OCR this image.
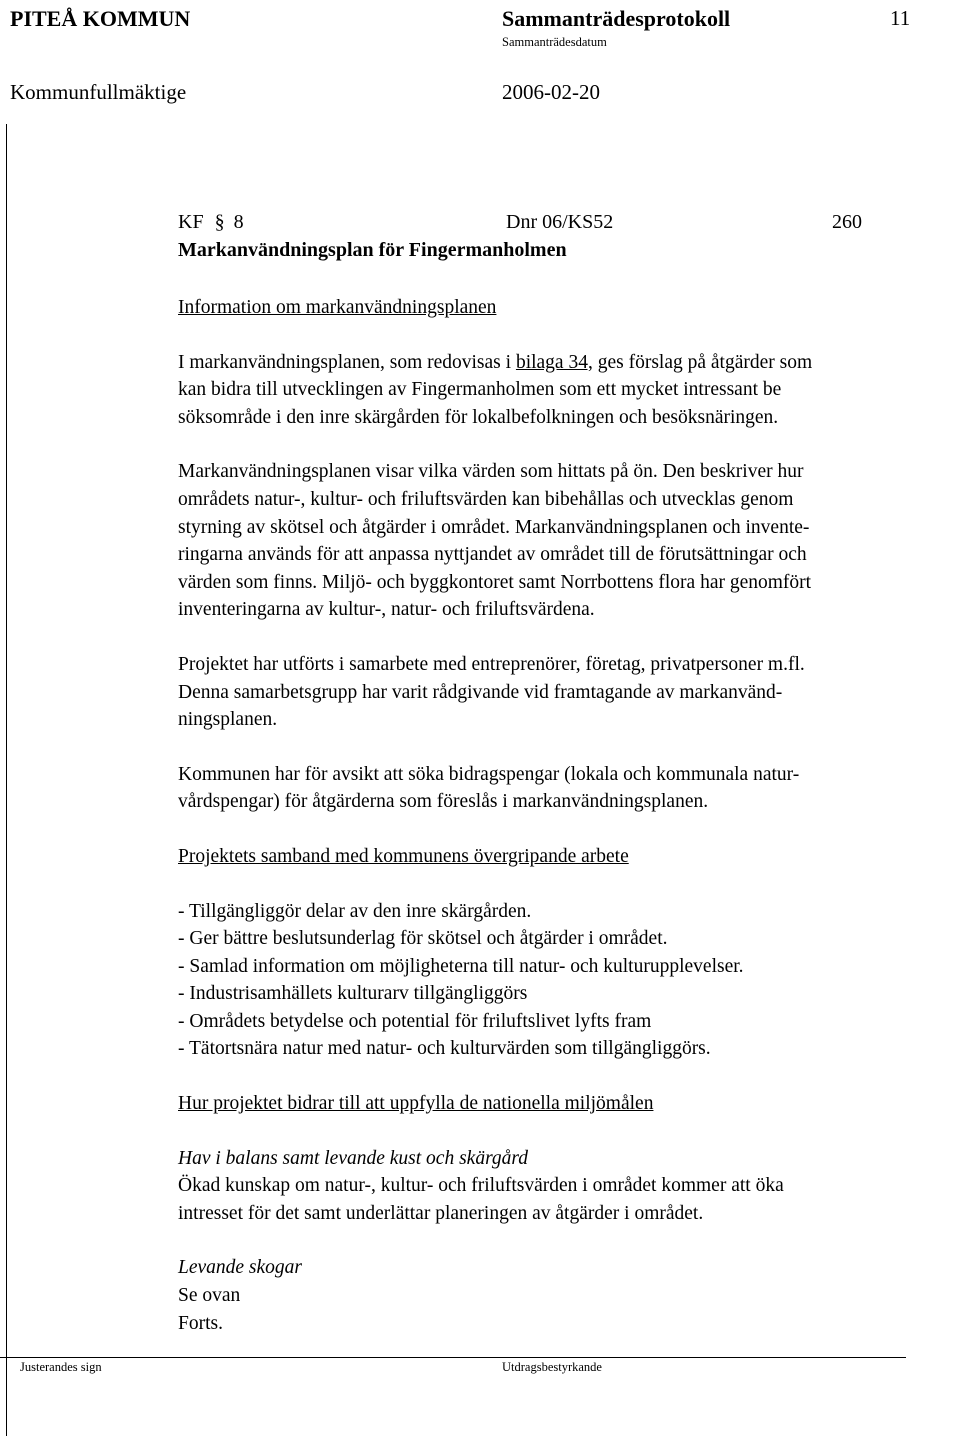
PITEÅ KOMMUN	Sammanträdesprotokoll	11
Sammanträdesdatum
Kommunfullmäktige	2006-02-20
KF § 8	Dnr 06/KS52	260
Markanvändningsplan för Fingermanholmen
Information om markanvändningsplanen
I markanvändningsplanen, som redovisas i bilaga 34, ges förslag på åtgärder som
kan bidra till utvecklingen av Fingermanholmen som ett mycket intressant be
söksområde i den inre skärgården för lokalbefolkningen och besöksnäringen.
Markanvändningsplanen visar vilka värden som hittats på ön. Den beskriver hur
områdets natur-, kultur- och friluftsvärden kan bibehållas och utvecklas genom
styrning av skötsel och åtgärder i området. Markanvändningsplanen och invente-
ringarna används för att anpassa nyttjandet av området till de förutsättningar och
värden som finns. Miljö- och byggkontoret samt Norrbottens flora har genomfört
inventeringarna av kultur-, natur- och friluftsvärdena.
Projektet har utförts i samarbete med entreprenörer, företag, privatpersoner m.fl.
Denna samarbetsgrupp har varit rådgivande vid framtagande av markanvänd-
ningsplanen.
Kommunen har för avsikt att söka bidragspengar (lokala och kommunala natur-
vårdspengar) för åtgärderna som föreslås i markanvändningsplanen.
Projektets samband med kommunens övergripande arbete
- Tillgängliggör delar av den inre skärgården.
- Ger bättre beslutsunderlag för skötsel och åtgärder i området.
- Samlad information om möjligheterna till natur- och kulturupplevelser.
- Industrisamhällets kulturarv tillgängliggörs
- Områdets betydelse och potential för friluftslivet lyfts fram
- Tätortsnära natur med natur- och kulturvärden som tillgängliggörs.
Hur projektet bidrar till att uppfylla de nationella miljömålen
Hav i balans samt levande kust och skärgård
Ökad kunskap om natur-, kultur- och friluftsvärden i området kommer att öka
intresset för det samt underlättar planeringen av åtgärder i området.
Levande skogar
Se ovan
Forts.
Justerandes sign	Utdragsbestyrkande
